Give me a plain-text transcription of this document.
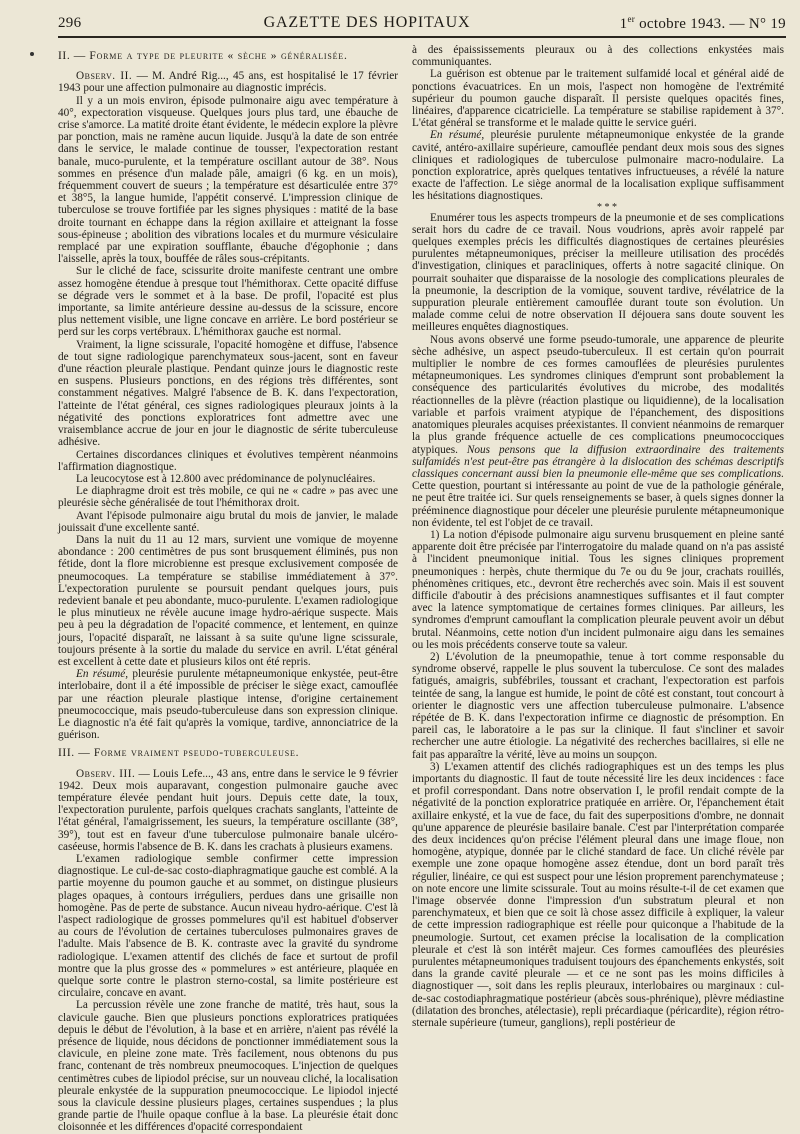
296	GAZETTE DES HOPITAUX	1er octobre 1943. — N° 19
II. — Forme a type de pleurite « sèche » généralisée.

Observ. II. — M. André Rig..., 45 ans, est hospitalisé le 17 février 1943 pour une affection pulmonaire au diagnostic imprécis.

Il y a un mois environ, épisode pulmonaire aigu avec température à 40°, expectoration visqueuse. Quelques jours plus tard, une ébauche de crise s'amorce. La matité droite étant évidente, le médecin explore la plèvre par ponction, mais ne ramène aucun liquide. Jusqu'à la date de son entrée dans le service, le malade continue de tousser, l'expectoration restant banale, muco-purulente, et la température oscillant autour de 38°. Nous sommes en présence d'un malade pâle, amaigri (6 kg. en un mois), fréquemment couvert de sueurs ; la température est désarticulée entre 37° et 38°5, la langue humide, l'appétit conservé. L'impression clinique de tuberculose se trouve fortifiée par les signes physiques : matité de la base droite tournant en échappe dans la région axillaire et atteignant la fosse sous-épineuse ; abolition des vibrations locales et du murmure vésiculaire remplacé par une expiration soufflante, ébauche d'égophonie ; dans l'aisselle, après la toux, bouffée de râles sous-crépitants.

Sur le cliché de face, scissurite droite manifeste centrant une ombre assez homogène étendue à presque tout l'hémithorax. Cette opacité diffuse se dégrade vers le sommet et à la base. De profil, l'opacité est plus importante, sa limite antérieure dessine au-dessus de la scissure, encore plus nettement visible, une ligne concave en arrière. Le bord postérieur se perd sur les corps vertébraux. L'hémithorax gauche est normal.

Vraiment, la ligne scissurale, l'opacité homogène et diffuse, l'absence de tout signe radiologique parenchymateux sous-jacent, sont en faveur d'une réaction pleurale plastique. Pendant quinze jours le diagnostic reste en suspens. Plusieurs ponctions, en des régions très différentes, sont constamment négatives. Malgré l'absence de B. K. dans l'expectoration, l'atteinte de l'état général, ces signes radiologiques pleuraux joints à la négativité des ponctions exploratrices font admettre avec une vraisemblance accrue de jour en jour le diagnostic de sérite tuberculeuse adhésive.

Certaines discordances cliniques et évolutives tempèrent néanmoins l'affirmation diagnostique.

La leucocytose est à 12.800 avec prédominance de polynucléaires.

Le diaphragme droit est très mobile, ce qui ne « cadre » pas avec une pleurésie sèche généralisée de tout l'hémithorax droit.

Avant l'épisode pulmonaire aigu brutal du mois de janvier, le malade jouissait d'une excellente santé.

Dans la nuit du 11 au 12 mars, survient une vomique de moyenne abondance : 200 centimètres de pus sont brusquement éliminés, pus non fétide, dont la flore microbienne est presque exclusivement composée de pneumocoques. La température se stabilise immédiatement à 37°. L'expectoration purulente se poursuit pendant quelques jours, puis redevient banale et peu abondante, muco-purulente. L'examen radiologique le plus minutieux ne révèle aucune image hydro-aérique suspecte. Mais peu à peu la dégradation de l'opacité commence, et lentement, en quinze jours, l'opacité disparaît, ne laissant à sa suite qu'une ligne scissurale, toujours présente à la sortie du malade du service en avril. L'état général est excellent à cette date et plusieurs kilos ont été repris.

En résumé, pleurésie purulente métapneumonique enkystée, peut-être interlobaire, dont il a été impossible de préciser le siège exact, camouflée par une réaction pleurale plastique intense, d'origine certainement pneumococcique, mais pseudo-tuberculeuse dans son expression clinique. Le diagnostic n'a été fait qu'après la vomique, tardive, annonciatrice de la guérison.

III. — Forme vraiment pseudo-tuberculeuse.

Observ. III. — Louis Lefe..., 43 ans, entre dans le service le 9 février 1942. Deux mois auparavant, congestion pulmonaire gauche avec température élevée pendant huit jours. Depuis cette date, la toux, l'expectoration purulente, parfois quelques crachats sanglants, l'atteinte de l'état général, l'amaigrissement, les sueurs, la température oscillante (38°, 39°), tout est en faveur d'une tuberculose pulmonaire banale ulcéro-caséeuse, hormis l'absence de B. K. dans les crachats à plusieurs examens.

L'examen radiologique semble confirmer cette impression diagnostique. Le cul-de-sac costo-diaphragmatique gauche est comblé. A la partie moyenne du poumon gauche et au sommet, on distingue plusieurs plages opaques, à contours irréguliers, perdues dans une grisaille non homogène. Pas de perte de substance. Aucun niveau hydro-aérique. C'est là l'aspect radiologique de grosses pommelures qu'il est habituel d'observer au cours de l'évolution de certaines tuberculoses pulmonaires graves de l'adulte. Mais l'absence de B. K. contraste avec la gravité du syndrome radiologique. L'examen attentif des clichés de face et surtout de profil montre que la plus grosse des « pommelures » est antérieure, plaquée en quelque sorte contre le plastron sterno-costal, sa limite postérieure est circulaire, concave en avant.

La percussion révèle une zone franche de matité, très haut, sous la clavicule gauche. Bien que plusieurs ponctions exploratrices pratiquées depuis le début de l'évolution, à la base et en arrière, n'aient pas révélé la présence de liquide, nous décidons de ponctionner immédiatement sous la clavicule, en pleine zone mate. Très facilement, nous obtenons du pus franc, contenant de très nombreux pneumocoques. L'injection de quelques centimètres cubes de lipiodol précise, sur un nouveau cliché, la localisation pleurale enkystée de la suppuration pneumococcique. Le lipiodol injecté sous la clavicule dessine plusieurs plages, certaines suspendues ; la plus grande partie de l'huile opaque conflue à la base. La pleurésie était donc cloisonnée et les différences d'opacité correspondaient

à des épaississements pleuraux ou à des collections enkystées mais communiquantes.

La guérison est obtenue par le traitement sulfamidé local et général aidé de ponctions évacuatrices. En un mois, l'aspect non homogène de l'extrémité supérieur du poumon gauche disparaît. Il persiste quelques opacités fines, linéaires, d'apparence cicatricielle. La température se stabilise rapidement à 37°. L'état général se transforme et le malade quitte le service guéri.

En résumé, pleurésie purulente métapneumonique enkystée de la grande cavité, antéro-axillaire supérieure, camouflée pendant deux mois sous des signes cliniques et radiologiques de tuberculose pulmonaire macro-nodulaire. La ponction exploratrice, après quelques tentatives infructueuses, a révélé la nature exacte de l'affection. Le siège anormal de la localisation explique suffisamment les hésitations diagnostiques.

* * *

Enumérer tous les aspects trompeurs de la pneumonie et de ses complications serait hors du cadre de ce travail. Nous voudrions, après avoir rappelé par quelques exemples précis les difficultés diagnostiques de certaines pleurésies purulentes métapneumoniques, préciser la meilleure utilisation des procédés d'investigation, cliniques et paracliniques, offerts à notre sagacité clinique. On pourrait souhaiter que disparaisse de la nosologie des complications pleurales de la pneumonie, la description de la vomique, souvent tardive, révélatrice de la suppuration pleurale entièrement camouflée durant toute son évolution. Un malade comme celui de notre observation II déjouera sans doute souvent les meilleures enquêtes diagnostiques.

Nous avons observé une forme pseudo-tumorale, une apparence de pleurite sèche adhésive, un aspect pseudo-tuberculeux. Il est certain qu'on pourrait multiplier le nombre de ces formes camouflées de pleurésies purulentes métapneumoniques. Les syndromes cliniques d'emprunt sont probablement la conséquence des particularités évolutives du microbe, des modalités réactionnelles de la plèvre (réaction plastique ou liquidienne), de la localisation variable et parfois vraiment atypique de l'épanchement, des dispositions anatomiques pleurales acquises préexistantes. Il convient néanmoins de remarquer la plus grande fréquence actuelle de ces complications pneumococciques atypiques. Nous pensons que la diffusion extraordinaire des traitements sulfamidés n'est peut-être pas étrangère à la dislocation des schémas descriptifs classiques concernant aussi bien la pneumonie elle-même que ses complications. Cette question, pourtant si intéressante au point de vue de la pathologie générale, ne peut être traitée ici. Sur quels renseignements se baser, à quels signes donner la prééminence diagnostique pour déceler une pleurésie purulente métapneumonique non évidente, tel est l'objet de ce travail.

1) La notion d'épisode pulmonaire aigu survenu brusquement en pleine santé apparente doit être précisée par l'interrogatoire du malade quand on n'a pas assisté à l'incident pneumonique initial. Tous les signes cliniques proprement pneumoniques : herpès, chute thermique du 7e ou du 9e jour, crachats rouillés, phénomènes critiques, etc., devront être recherchés avec soin. Mais il est souvent difficile d'aboutir à des précisions anamnestiques suffisantes et il faut compter avec la latence symptomatique de certaines formes cliniques. Par ailleurs, les syndromes d'emprunt camouflant la complication pleurale peuvent avoir un début brutal. Néanmoins, cette notion d'un incident pulmonaire aigu dans les semaines ou les mois précédents conserve toute sa valeur.

2) L'évolution de la pneumopathie, tenue à tort comme responsable du syndrome observé, rappelle le plus souvent la tuberculose. Ce sont des malades fatigués, amaigris, subfébriles, toussant et crachant, l'expectoration est parfois teintée de sang, la langue est humide, le point de côté est constant, tout concourt à orienter le diagnostic vers une affection tuberculeuse pulmonaire. L'absence répétée de B. K. dans l'expectoration infirme ce diagnostic de présomption. En pareil cas, le laboratoire a le pas sur la clinique. Il faut s'incliner et savoir rechercher une autre étiologie. La négativité des recherches bacillaires, si elle ne fait pas apparaître la vérité, lève au moins un soupçon.

3) L'examen attentif des clichés radiographiques est un des temps les plus importants du diagnostic. Il faut de toute nécessité lire les deux incidences : face et profil correspondant. Dans notre observation I, le profil rendait compte de la négativité de la ponction exploratrice pratiquée en arrière. Or, l'épanchement était axillaire enkysté, et la vue de face, du fait des superpositions d'ombre, ne donnait qu'une apparence de pleurésie basilaire banale. C'est par l'interprétation comparée des deux incidences qu'on précise l'élément pleural dans une image floue, non homogène, atypique, donnée par le cliché standard de face. Un cliché révèle par exemple une zone opaque homogène assez étendue, dont un bord paraît très régulier, linéaire, ce qui est suspect pour une lésion proprement parenchymateuse ; on note encore une limite scissurale. Tout au moins résulte-t-il de cet examen que l'image observée donne l'impression d'un substratum pleural et non parenchymateux, et bien que ce soit là chose assez difficile à expliquer, la valeur de cette impression radiographique est réelle pour quiconque a l'habitude de la pneumologie. Surtout, cet examen précise la localisation de la complication pleurale et c'est là son intérêt majeur. Ces formes camouflées des pleurésies purulentes métapneumoniques traduisent toujours des épanchements enkystés, soit dans la grande cavité pleurale — et ce ne sont pas les moins difficiles à diagnostiquer —, soit dans les replis pleuraux, interlobaires ou marginaux : cul-de-sac costodiaphragmatique postérieur (abcès sous-phrénique), plèvre médiastine (dilatation des bronches, atélectasie), repli précardiaque (péricardite), région rétro-sternale supérieure (tumeur, ganglions), repli postérieur de
